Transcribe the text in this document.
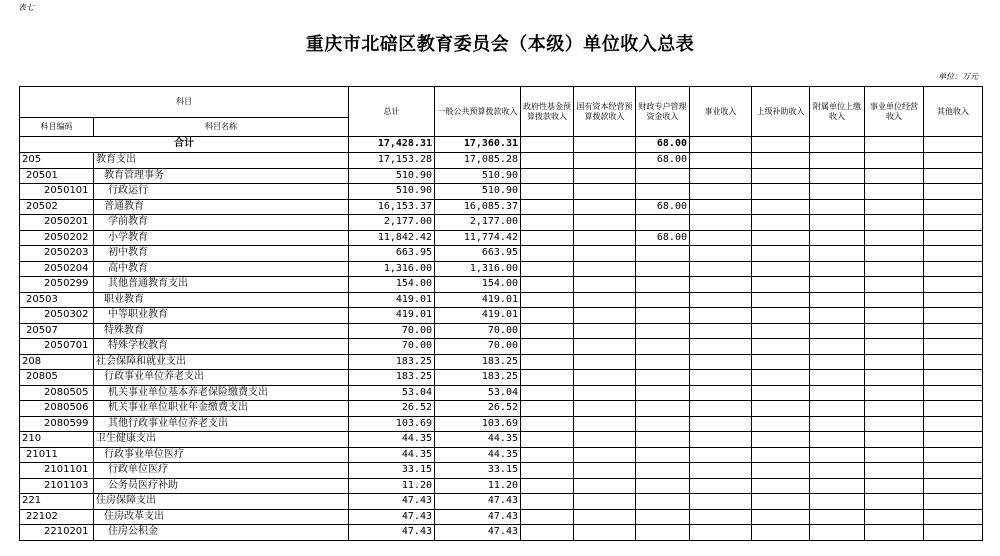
表七
重庆市北碚区教育委员会（本级）单位收入总表
单位：万元
科目		总计	一般公共预算拨款收入	政府性基金预算拨款收入	国有资本经营预算拨款收入	财政专户管理资金收入	事业收入	上级补助收入	附属单位上缴收入	事业单位经营收入	其他收入
科目编码	科目名称										
合计		17,428.31	17,360.31			68.00					
205	教育支出	17,153.28	17,085.28			68.00					
20501	教育管理事务	510.90	510.90								
2050101	行政运行	510.90	510.90								
20502	普通教育	16,153.37	16,085.37			68.00					
2050201	学前教育	2,177.00	2,177.00								
2050202	小学教育	11,842.42	11,774.42			68.00					
2050203	初中教育	663.95	663.95								
2050204	高中教育	1,316.00	1,316.00								
2050299	其他普通教育支出	154.00	154.00								
20503	职业教育	419.01	419.01								
2050302	中等职业教育	419.01	419.01								
20507	特殊教育	70.00	70.00								
2050701	特殊学校教育	70.00	70.00								
208	社会保障和就业支出	183.25	183.25								
20805	行政事业单位养老支出	183.25	183.25								
2080505	机关事业单位基本养老保险缴费支出	53.04	53.04								
2080506	机关事业单位职业年金缴费支出	26.52	26.52								
2080599	其他行政事业单位养老支出	103.69	103.69								
210	卫生健康支出	44.35	44.35								
21011	行政事业单位医疗	44.35	44.35								
2101101	行政单位医疗	33.15	33.15								
2101103	公务员医疗补助	11.20	11.20								
221	住房保障支出	47.43	47.43								
22102	住房改革支出	47.43	47.43								
2210201	住房公积金	47.43	47.43								
